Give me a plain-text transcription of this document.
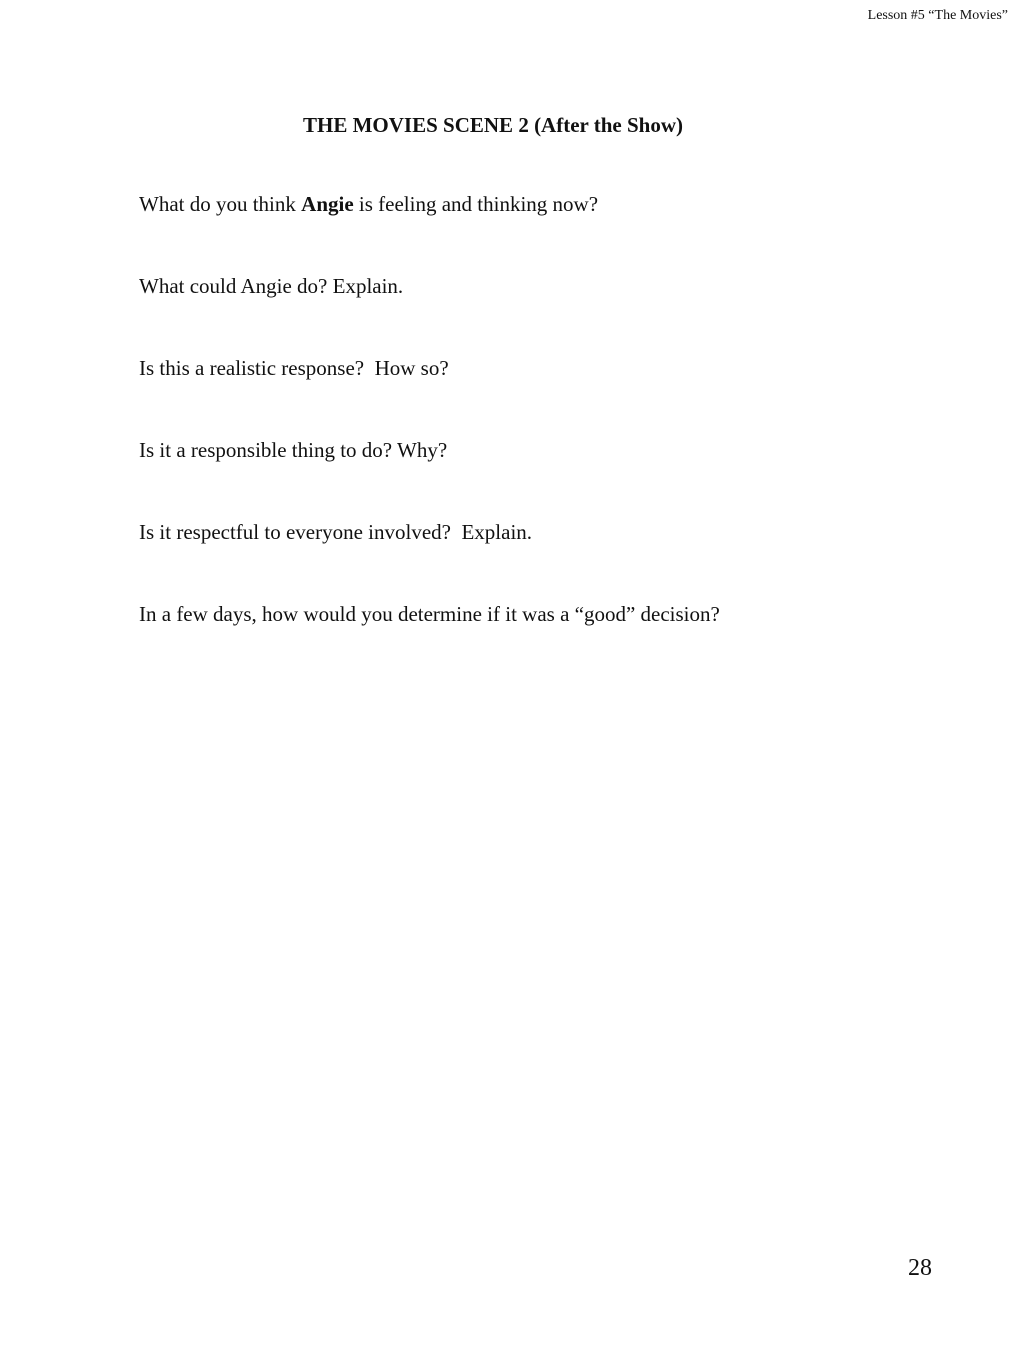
Lesson #5 “The Movies”
THE MOVIES SCENE 2 (After the Show)
What do you think Angie is feeling and thinking now?
What could Angie do? Explain.
Is this a realistic response?  How so?
Is it a responsible thing to do? Why?
Is it respectful to everyone involved?  Explain.
In a few days, how would you determine if it was a “good” decision?
28
